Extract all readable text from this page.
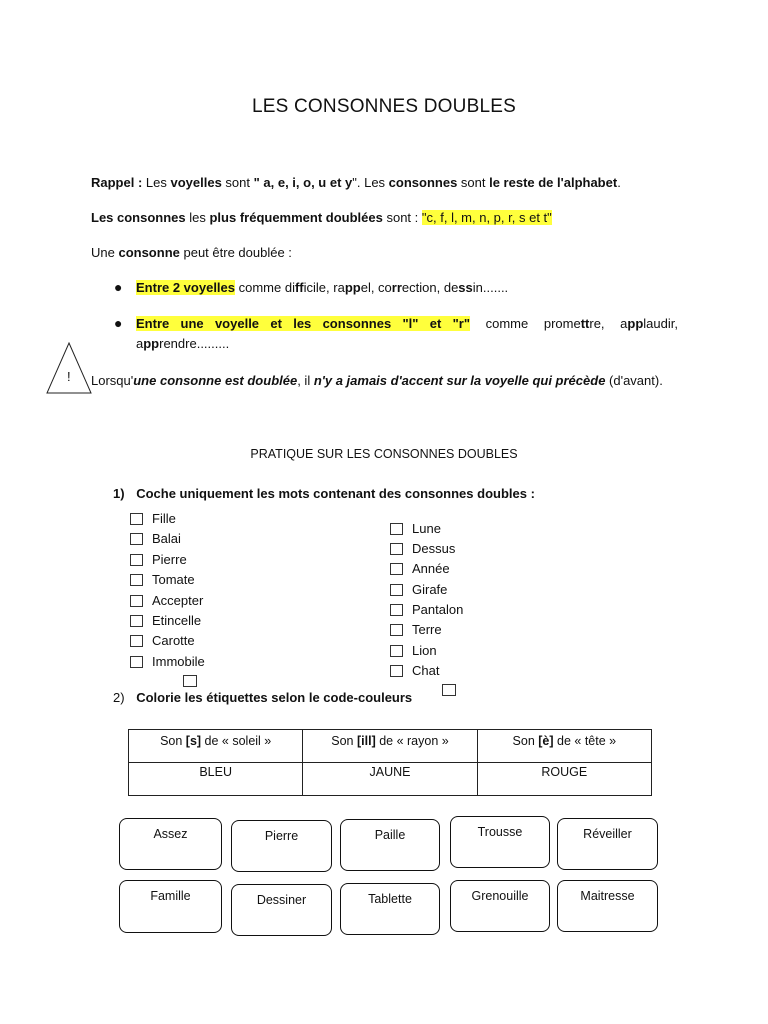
LES CONSONNES DOUBLES
Rappel : Les voyelles sont " a, e, i, o, u et y". Les consonnes sont le reste de l'alphabet.
Les consonnes les plus fréquemment doublées sont : "c, f, l, m, n, p, r, s et t"
Une consonne peut être doublée :
● Entre 2 voyelles comme difficile, rappel, correction, dessin.......
● Entre une voyelle et les consonnes "l" et "r" comme promettre, applaudir,
apprendre.........
! Lorsqu'une consonne est doublée, il n'y a jamais d'accent sur la voyelle qui précède (d'avant).
PRATIQUE SUR LES CONSONNES DOUBLES
1) Coche uniquement les mots contenant des consonnes doubles :
Fille
Balai
Pierre
Tomate
Accepter
Etincelle
Carotte
Immobile
Lune
Dessus
Année
Girafe
Pantalon
Terre
Lion
Chat
2) Colorie les étiquettes selon le code-couleurs
Son [s] de « soleil »	Son [ill] de « rayon »	Son [è] de « tête »
BLEU	JAUNE	ROUGE
Assez	Pierre	Paille	Trousse	Réveiller
Famille	Dessiner	Tablette	Grenouille	Maitresse
